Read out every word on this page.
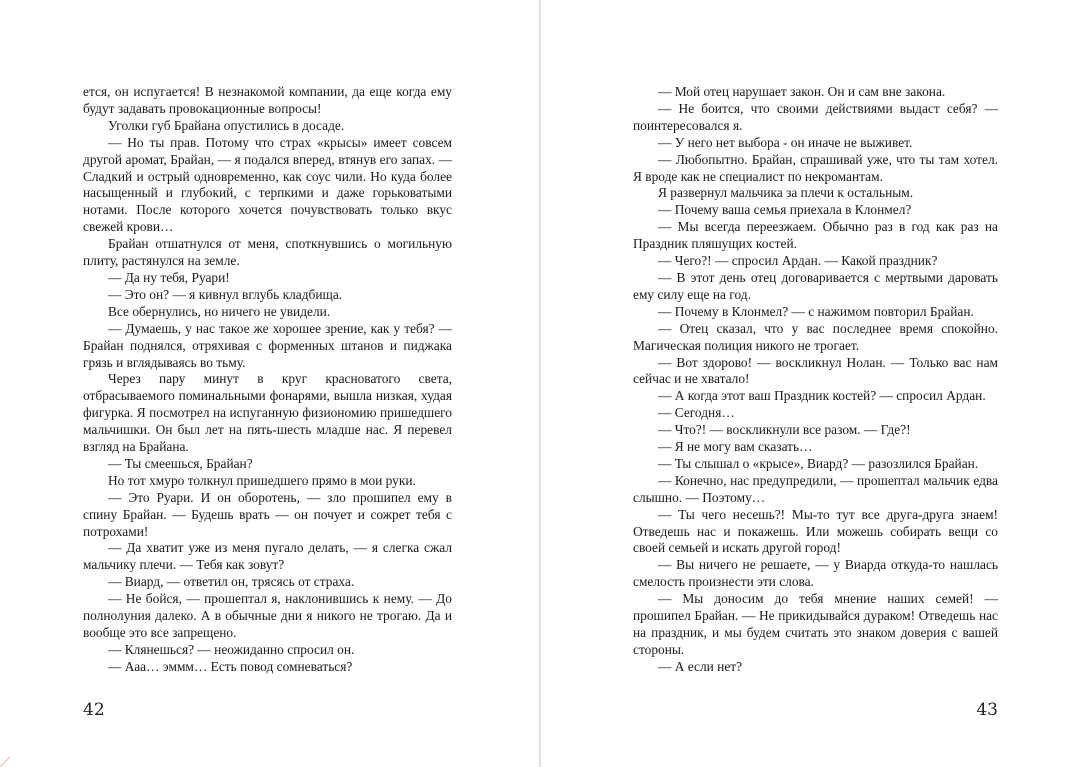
ется, он испугается! В незнакомой компании, да еще когда ему будут задавать провокационные вопросы!

Уголки губ Брайана опустились в досаде.

— Но ты прав. Потому что страх «крысы» имеет совсем другой аромат, Брайан, — я подался вперед, втянув его запах. — Сладкий и острый одновременно, как соус чили. Но куда более насыщенный и глубокий, с терпкими и даже горьковатыми нотами. После которого хочется почувствовать только вкус свежей крови…

Брайан отшатнулся от меня, споткнувшись о могильную плиту, растянулся на земле.

— Да ну тебя, Руари!

— Это он? — я кивнул вглубь кладбища.

Все обернулись, но ничего не увидели.

— Думаешь, у нас такое же хорошее зрение, как у тебя? — Брайан поднялся, отряхивая с форменных штанов и пиджака грязь и вглядываясь во тьму.

Через пару минут в круг красноватого света, отбрасываемого поминальными фонарями, вышла низкая, худая фигурка. Я посмотрел на испуганную физиономию пришедшего мальчишки. Он был лет на пять-шесть младше нас. Я перевел взгляд на Брайана.

— Ты смеешься, Брайан?

Но тот хмуро толкнул пришедшего прямо в мои руки.

— Это Руари. И он оборотень, — зло прошипел ему в спину Брайан. — Будешь врать — он почует и сожрет тебя с потрохами!

— Да хватит уже из меня пугало делать, — я слегка сжал мальчику плечи. — Тебя как зовут?

— Виард, — ответил он, трясясь от страха.

— Не бойся, — прошептал я, наклонившись к нему. — До полнолуния далеко. А в обычные дни я никого не трогаю. Да и вообще это все запрещено.

— Клянешься? — неожиданно спросил он.

— Ааа… эммм… Есть повод сомневаться?

42

— Мой отец нарушает закон. Он и сам вне закона.

— Не боится, что своими действиями выдаст себя? — поинтересовался я.

— У него нет выбора - он иначе не выживет.

— Любопытно. Брайан, спрашивай уже, что ты там хотел. Я вроде как не специалист по некромантам.

Я развернул мальчика за плечи к остальным.

— Почему ваша семья приехала в Клонмел?

— Мы всегда переезжаем. Обычно раз в год как раз на Праздник пляшущих костей.

— Чего?! — спросил Ардан. — Какой праздник?

— В этот день отец договаривается с мертвыми даровать ему силу еще на год.

— Почему в Клонмел? — с нажимом повторил Брайан.

— Отец сказал, что у вас последнее время спокойно. Магическая полиция никого не трогает.

— Вот здорово! — воскликнул Нолан. — Только вас нам сейчас и не хватало!

— А когда этот ваш Праздник костей? — спросил Ардан.

— Сегодня…

— Что?! — воскликнули все разом. — Где?!

— Я не могу вам сказать…

— Ты слышал о «крысе», Виард? — разозлился Брайан.

— Конечно, нас предупредили, — прошептал мальчик едва слышно. — Поэтому…

— Ты чего несешь?! Мы-то тут все друга-друга знаем! Отведешь нас и покажешь. Или можешь собирать вещи со своей семьей и искать другой город!

— Вы ничего не решаете, — у Виарда откуда-то нашлась смелость произнести эти слова.

— Мы доносим до тебя мнение наших семей! — прошипел Брайан. — Не прикидывайся дураком! Отведешь нас на праздник, и мы будем считать это знаком доверия с вашей стороны.

— А если нет?

43
